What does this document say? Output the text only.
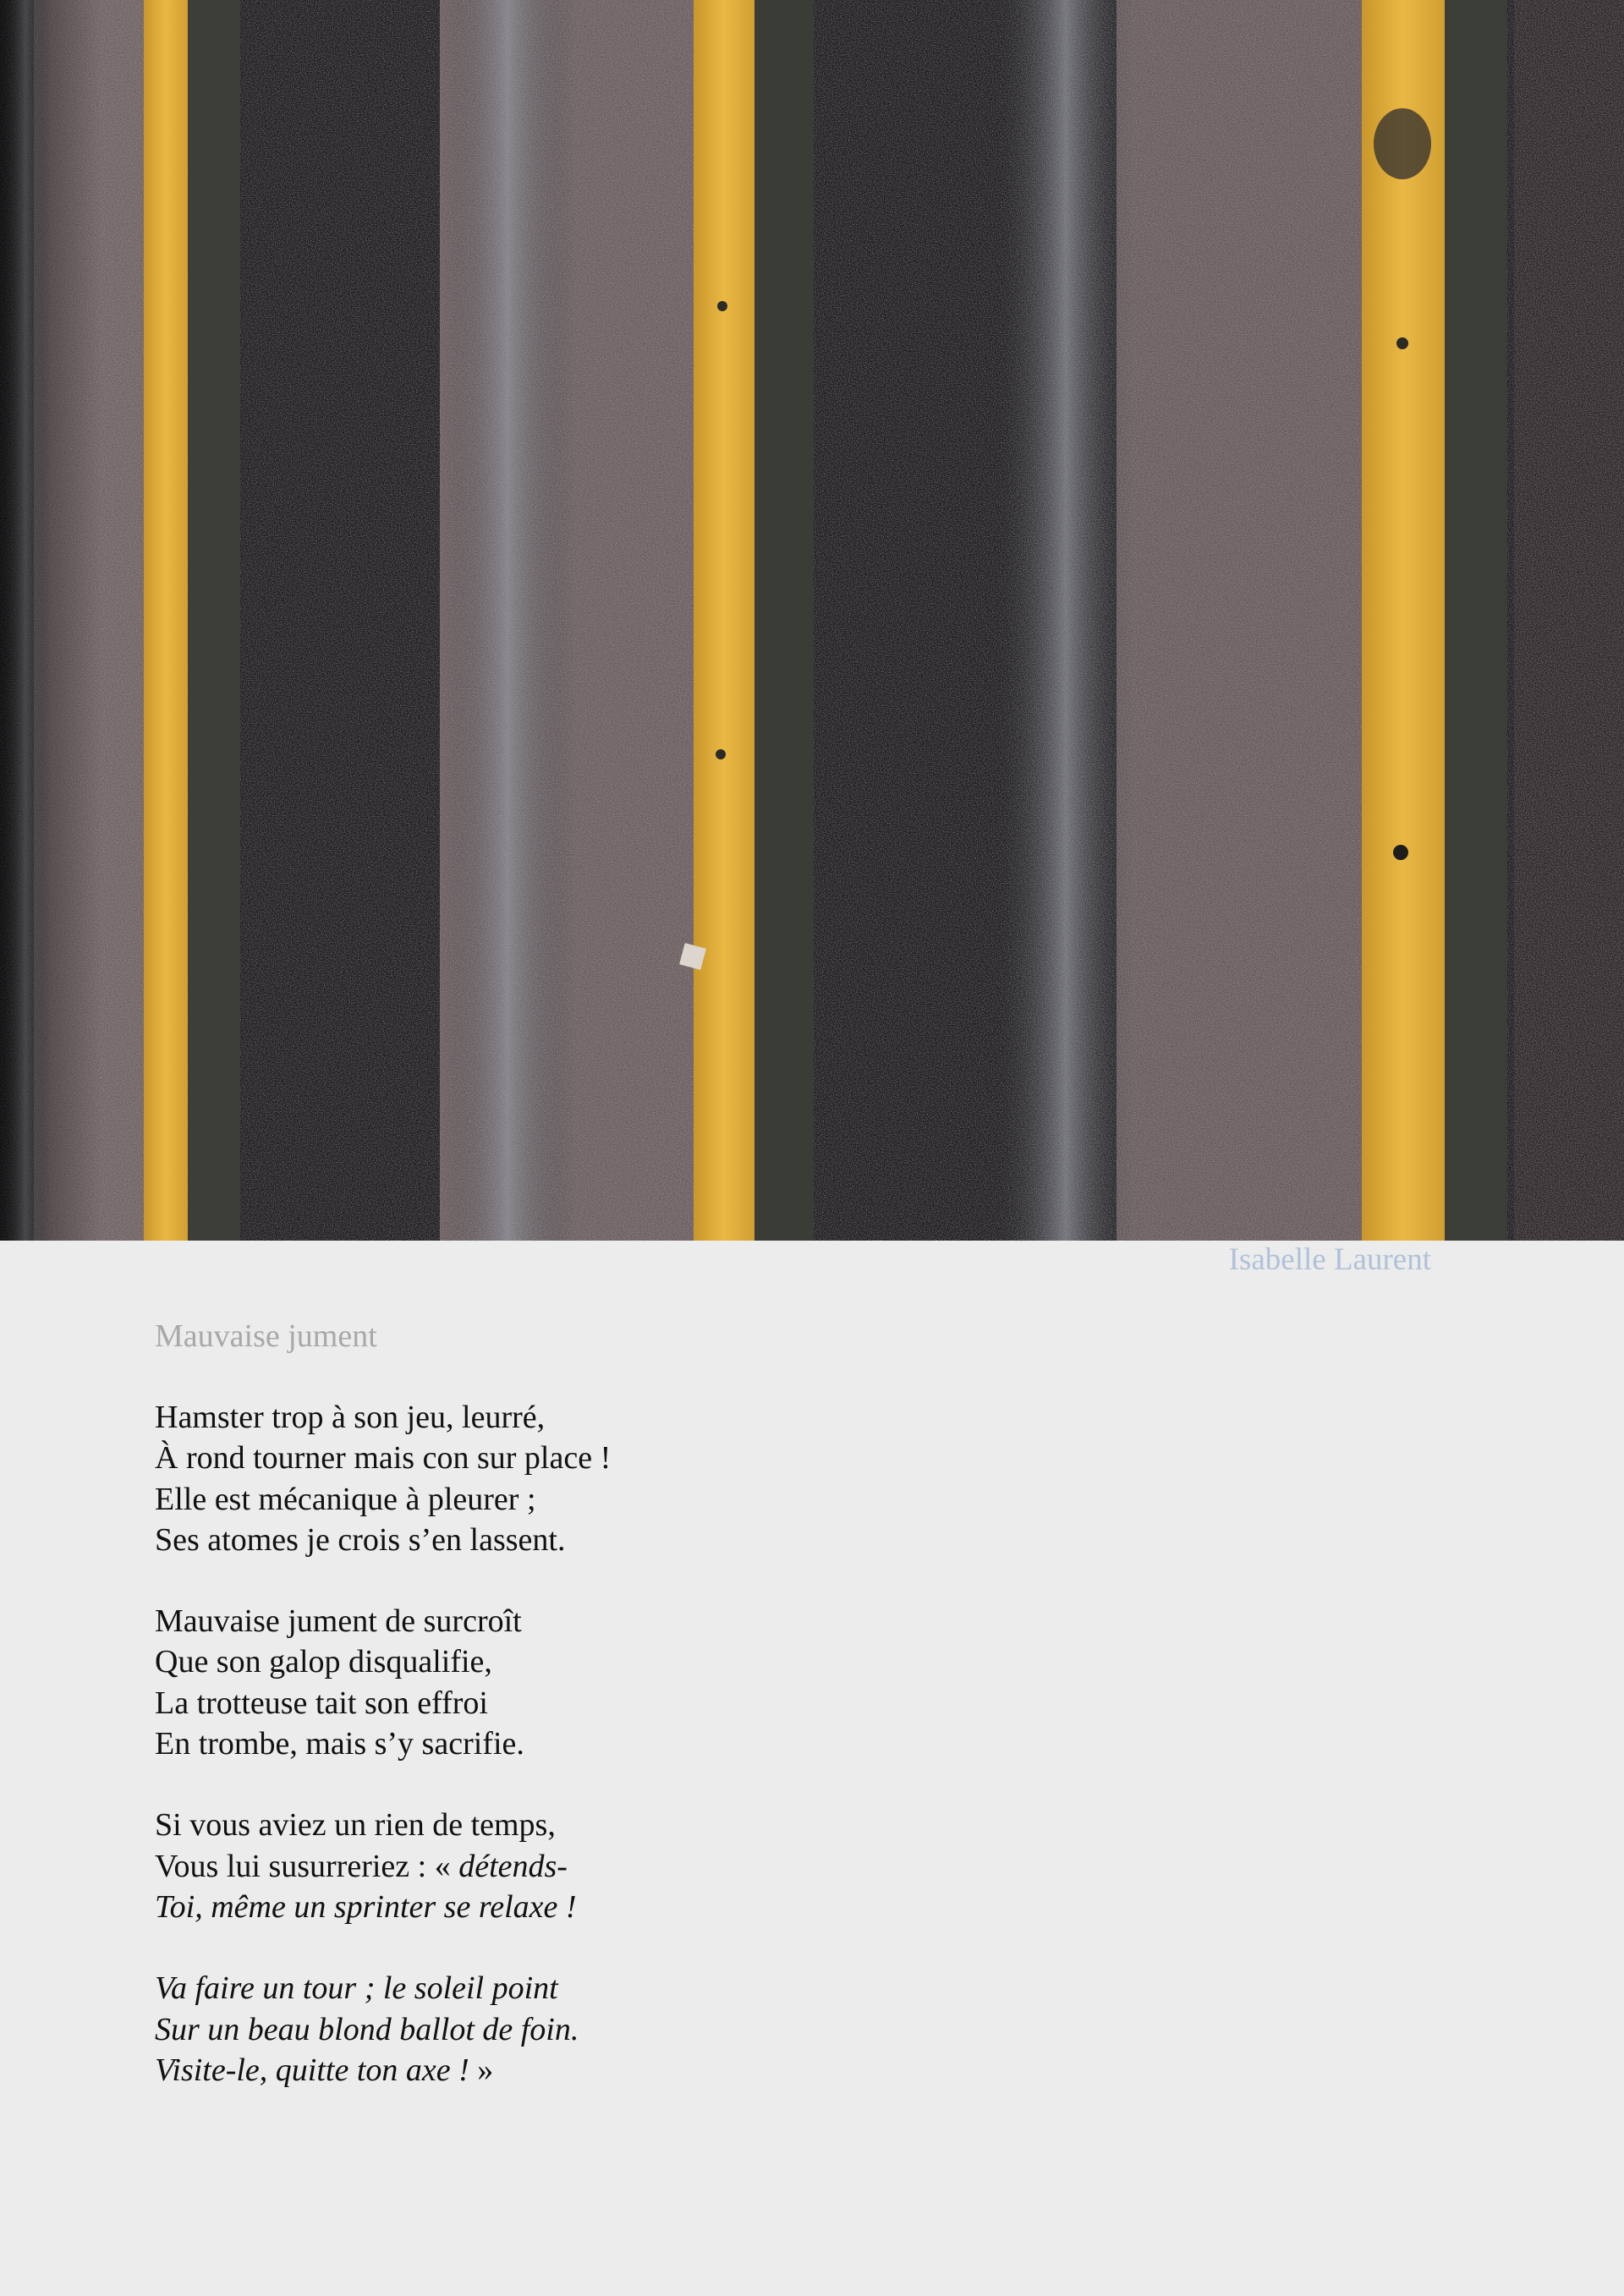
Isabelle Laurent
Mauvaise jument
Hamster trop à son jeu, leurré,
À rond tourner mais con sur place !
Elle est mécanique à pleurer ;
Ses atomes je crois s’en lassent.
Mauvaise jument de surcroît
Que son galop disqualifie,
La trotteuse tait son effroi
En trombe, mais s’y sacrifie.
Si vous aviez un rien de temps,
Vous lui susurreriez : « détends-
Toi, même un sprinter se relaxe !
Va faire un tour ; le soleil point
Sur un beau blond ballot de foin.
Visite-le, quitte ton axe ! »
